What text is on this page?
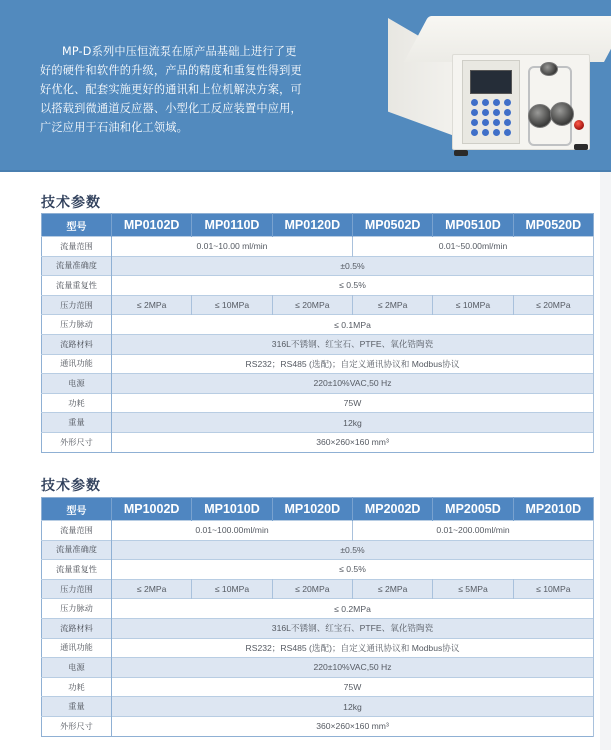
MP-D系列中压恒流泵在原产品基础上进行了更好的硬件和软件的升级，产品的精度和重复性得到更好优化、配套实施更好的通讯和上位机解决方案，可以搭载到微通道反应器、小型化工反应装置中应用，广泛应用于石油和化工领域。

技术参数
型号	MP0102D	MP0110D	MP0120D	MP0502D	MP0510D	MP0520D
流量范围	0.01~10.00 ml/min			0.01~50.00ml/min		
流量准确度	±0.5%					
流量重复性	≤ 0.5%					
压力范围	≤ 2MPa	≤ 10MPa	≤ 20MPa	≤ 2MPa	≤ 10MPa	≤ 20MPa
压力脉动	≤ 0.1MPa					
流路材料	316L不锈钢、红宝石、PTFE、氧化锆陶瓷					
通讯功能	RS232；RS485 (选配)；自定义通讯协议和 Modbus协议					
电源	220±10%VAC,50 Hz					
功耗	75W					
重量	12kg					
外形尺寸	360×260×160 mm³					
技术参数
型号	MP1002D	MP1010D	MP1020D	MP2002D	MP2005D	MP2010D
流量范围	0.01~100.00ml/min			0.01~200.00ml/min		
流量准确度	±0.5%					
流量重复性	≤ 0.5%					
压力范围	≤ 2MPa	≤ 10MPa	≤ 20MPa	≤ 2MPa	≤ 5MPa	≤ 10MPa
压力脉动	≤ 0.2MPa					
流路材料	316L不锈钢、红宝石、PTFE、氧化锆陶瓷					
通讯功能	RS232；RS485 (选配)；自定义通讯协议和 Modbus协议					
电源	220±10%VAC,50 Hz					
功耗	75W					
重量	12kg					
外形尺寸	360×260×160 mm³					
